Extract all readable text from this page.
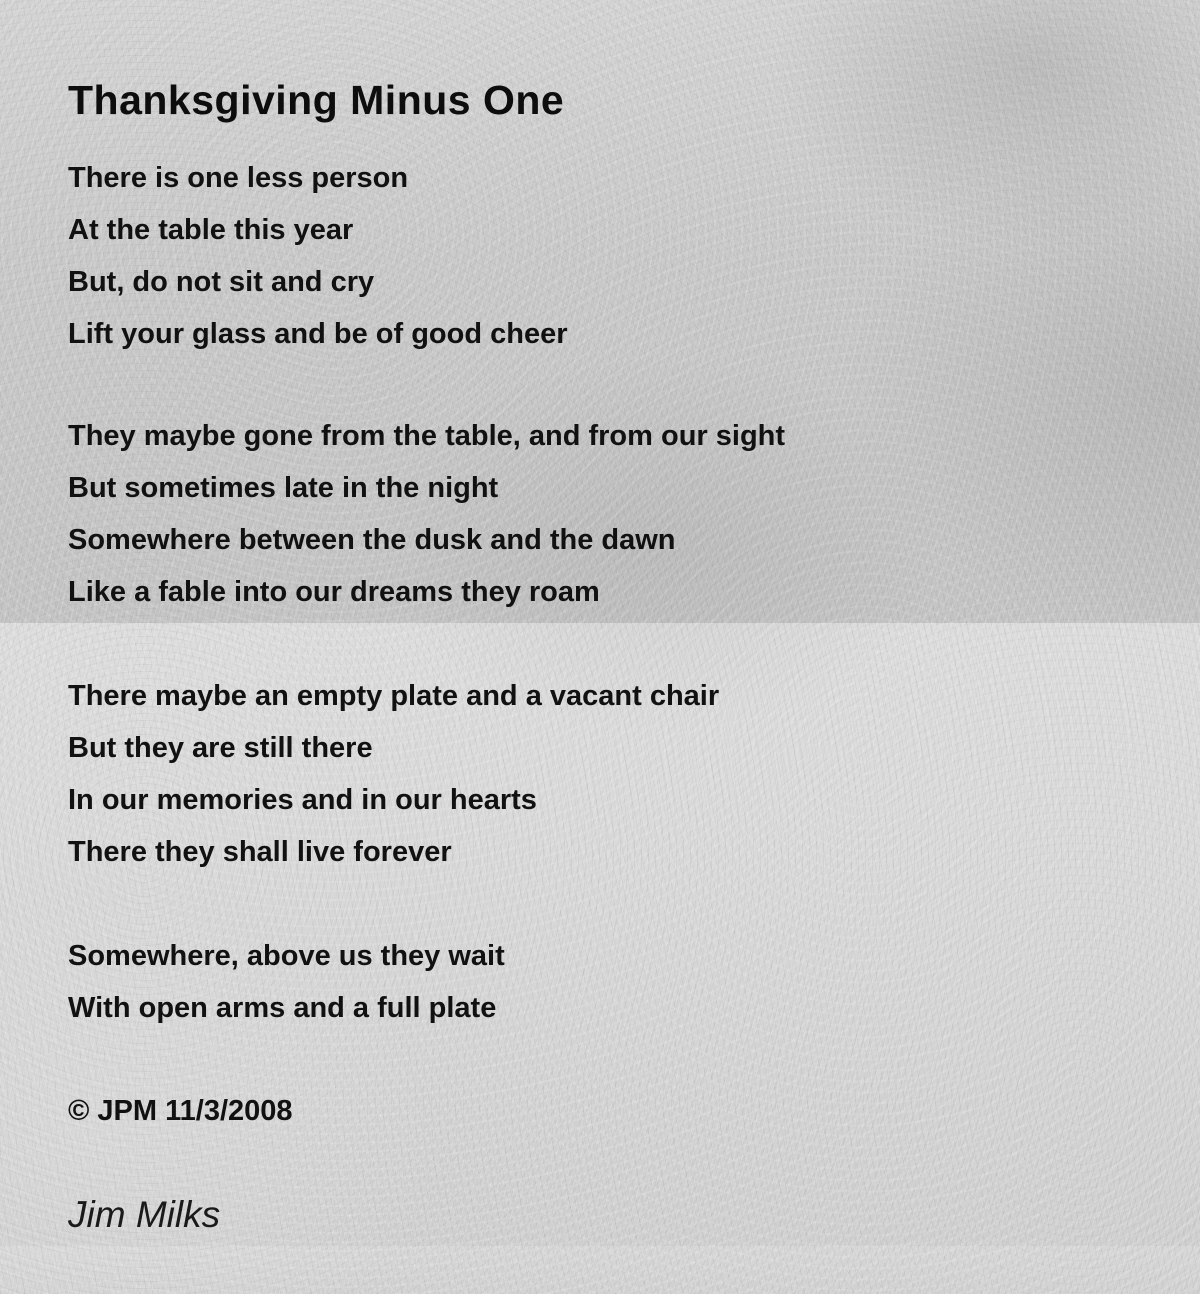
Thanksgiving Minus One
There is one less person
At the table this year
But, do not sit and cry
Lift your glass and be of good cheer
They maybe gone from the table, and from our sight
But sometimes late in the night
Somewhere between the dusk and the dawn
Like a fable into our dreams they roam
There maybe an empty plate and a vacant chair
But they are still there
In our memories and in our hearts
There they shall live forever
Somewhere, above us they wait
With open arms and a full plate
© JPM 11/3/2008
Jim Milks
